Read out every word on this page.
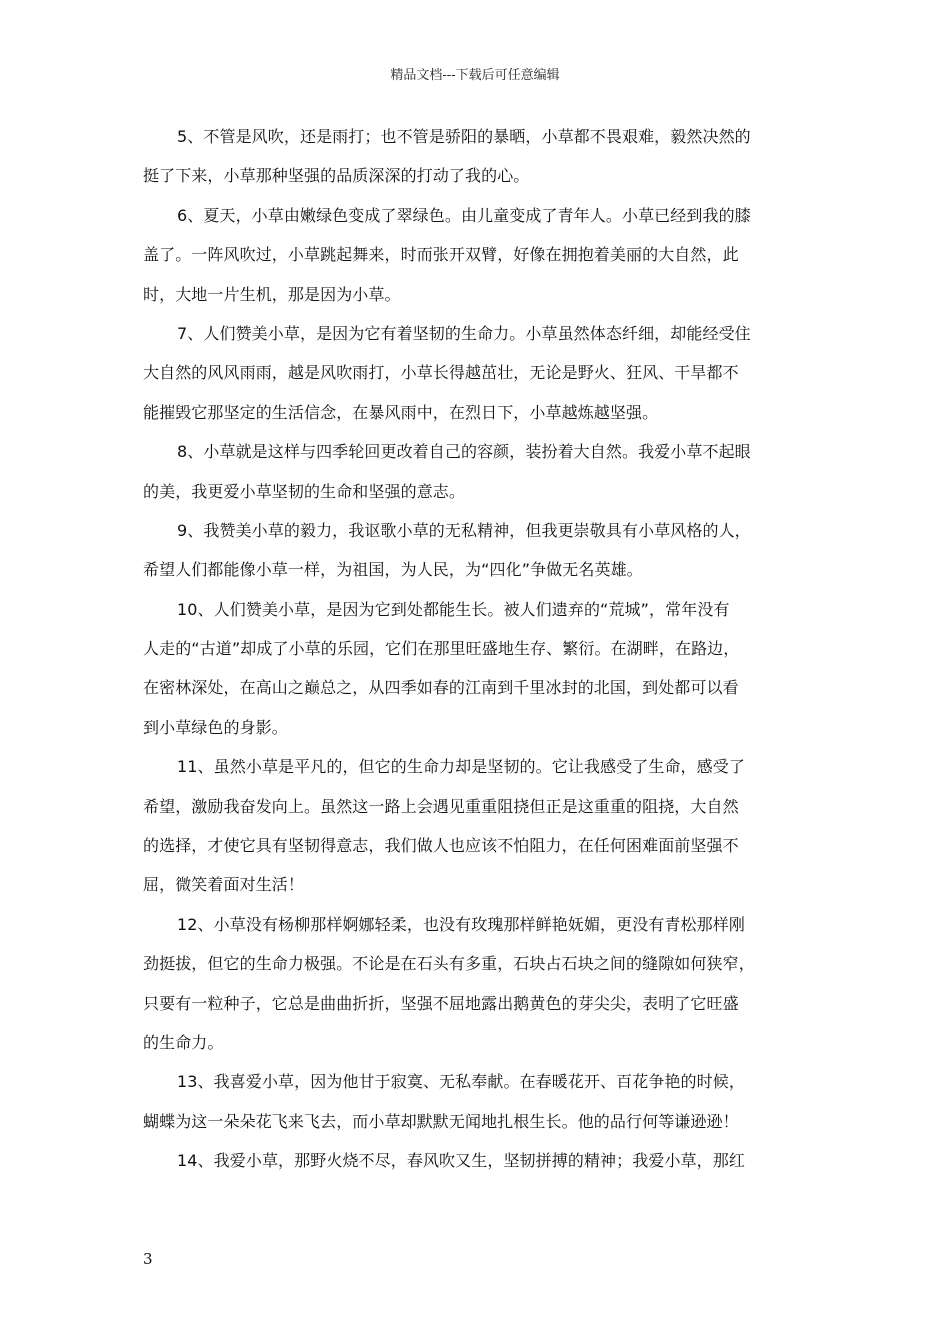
精品文档---下载后可任意编辑
5、不管是风吹，还是雨打；也不管是骄阳的暴晒，小草都不畏艰难，毅然决然的
挺了下来，小草那种坚强的品质深深的打动了我的心。
6、夏天，小草由嫩绿色变成了翠绿色。由儿童变成了青年人。小草已经到我的膝
盖了。一阵风吹过，小草跳起舞来，时而张开双臂，好像在拥抱着美丽的大自然，此
时，大地一片生机，那是因为小草。
7、人们赞美小草，是因为它有着坚韧的生命力。小草虽然体态纤细，却能经受住
大自然的风风雨雨，越是风吹雨打，小草长得越茁壮，无论是野火、狂风、干旱都不
能摧毁它那坚定的生活信念，在暴风雨中，在烈日下，小草越炼越坚强。
8、小草就是这样与四季轮回更改着自己的容颜，装扮着大自然。我爱小草不起眼
的美，我更爱小草坚韧的生命和坚强的意志。
9、我赞美小草的毅力，我讴歌小草的无私精神，但我更崇敬具有小草风格的人，
希望人们都能像小草一样，为祖国，为人民，为“四化”争做无名英雄。
10、人们赞美小草，是因为它到处都能生长。被人们遗弃的“荒城”，常年没有
人走的“古道”却成了小草的乐园，它们在那里旺盛地生存、繁衍。在湖畔，在路边，
在密林深处，在高山之巅总之，从四季如春的江南到千里冰封的北国，到处都可以看
到小草绿色的身影。
11、虽然小草是平凡的，但它的生命力却是坚韧的。它让我感受了生命，感受了
希望，激励我奋发向上。虽然这一路上会遇见重重阻挠但正是这重重的阻挠，大自然
的选择，才使它具有坚韧得意志，我们做人也应该不怕阻力，在任何困难面前坚强不
屈，微笑着面对生活！
12、小草没有杨柳那样婀娜轻柔，也没有玫瑰那样鲜艳妩媚，更没有青松那样刚
劲挺拔，但它的生命力极强。不论是在石头有多重，石块占石块之间的缝隙如何狭窄，
只要有一粒种子，它总是曲曲折折，坚强不屈地露出鹅黄色的芽尖尖，表明了它旺盛
的生命力。
13、我喜爱小草，因为他甘于寂寞、无私奉献。在春暖花开、百花争艳的时候，
蝴蝶为这一朵朵花飞来飞去，而小草却默默无闻地扎根生长。他的品行何等谦逊逊！
14、我爱小草，那野火烧不尽，春风吹又生，坚韧拼搏的精神；我爱小草，那红
3
